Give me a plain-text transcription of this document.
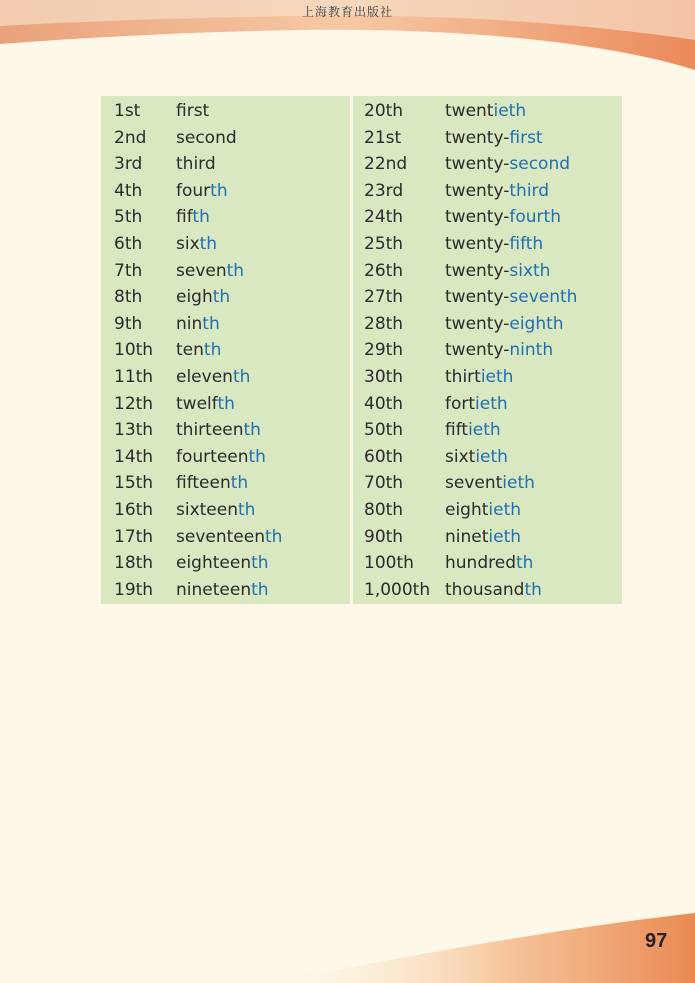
上海教育出版社
1st first
2nd second
3rd third
4th fourth
5th fifth
6th sixth
7th seventh
8th eighth
9th ninth
10th tenth
11th eleventh
12th twelfth
13th thirteenth
14th fourteenth
15th fifteenth
16th sixteenth
17th seventeenth
18th eighteenth
19th nineteenth
20th twentieth
21st	twenty-first
22nd twenty-second
23rd twenty-third
24th twenty-fourth
25th twenty-fifth
26th twenty-sixth
27th twenty-seventh
28th twenty-eighth
29th twenty-ninth
30th thirtieth
40th fortieth
50th fiftieth
60th sixtieth
70th seventieth
80th eightieth
90th ninetieth
100th hundredth
1,000th thousandth
97
